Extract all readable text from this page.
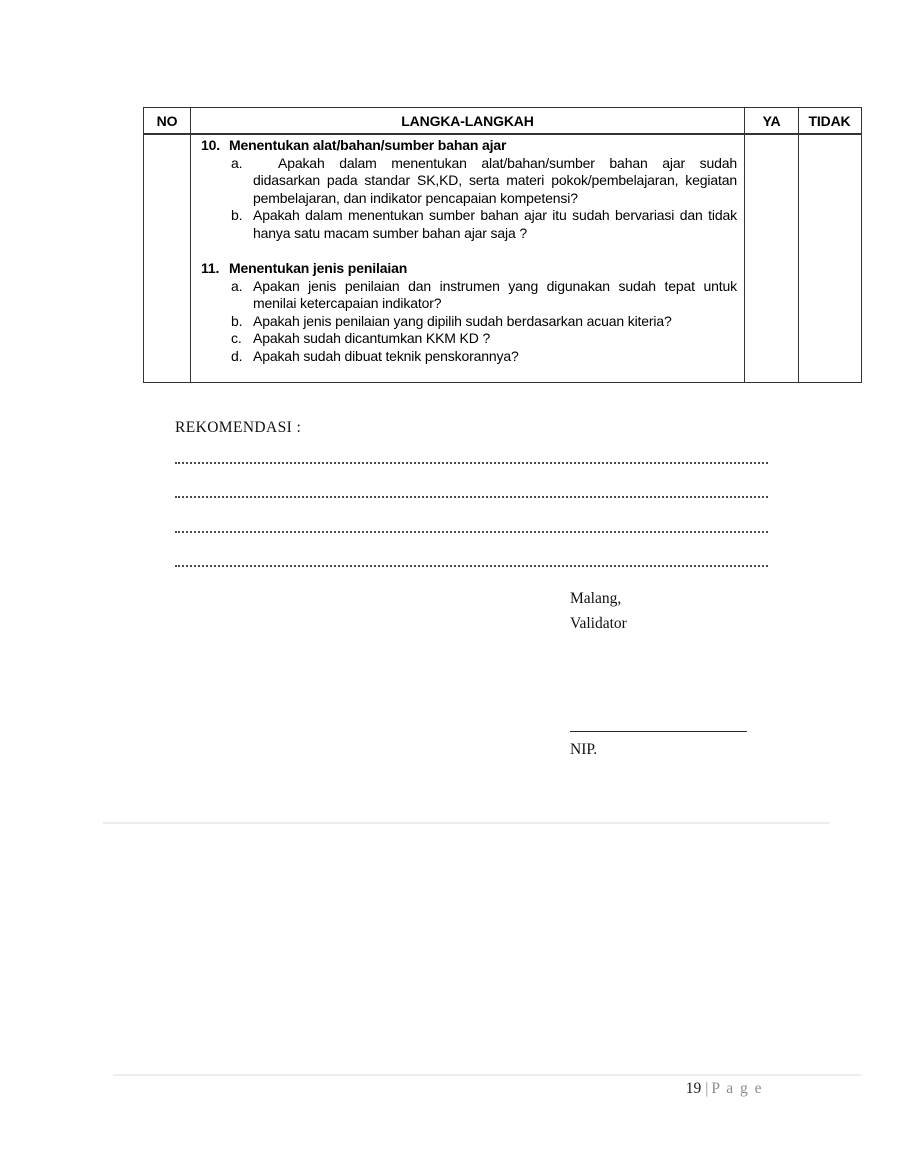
NO	LANGKA-LANGKAH	YA	TIDAK
10. Menentukan alat/bahan/sumber bahan ajar
a.	Apakah dalam menentukan alat/bahan/sumber bahan ajar sudah didasarkan pada standar SK,KD, serta materi pokok/pembelajaran, kegiatan pembelajaran, dan indikator pencapaian kompetensi?
b. Apakah dalam menentukan sumber bahan ajar itu sudah bervariasi dan tidak hanya satu macam sumber bahan ajar saja ?
11. Menentukan jenis penilaian
a. Apakan jenis penilaian dan instrumen yang digunakan sudah tepat untuk menilai ketercapaian indikator?
b. Apakah jenis penilaian yang dipilih sudah berdasarkan acuan kiteria?
c. Apakah sudah dicantumkan KKM KD ?
d. Apakah sudah dibuat teknik penskorannya?
REKOMENDASI :
Malang,
Validator
NIP.
19 | P a g e
